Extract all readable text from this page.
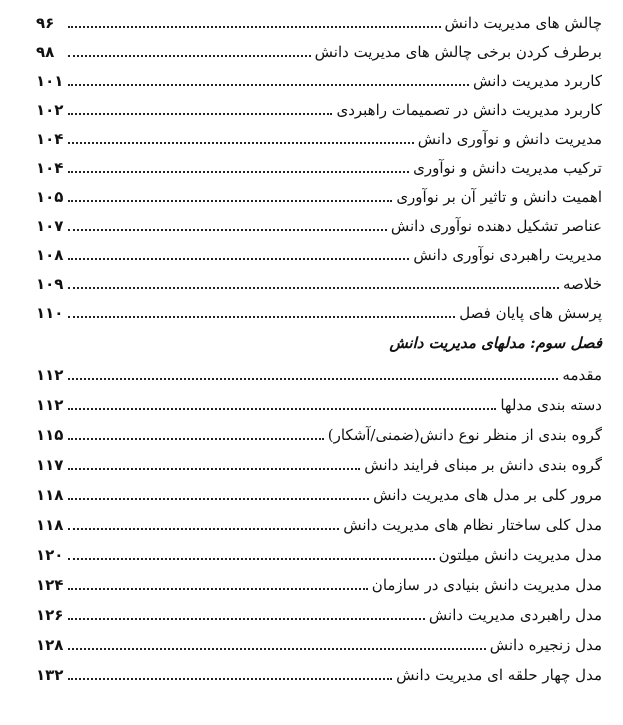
چالش های مدیریت دانش
۹۶
برطرف کردن برخی چالش های مدیریت دانش
۹۸
کاربرد مدیریت دانش
۱۰۱
کاربرد مدیریت دانش در تصمیمات راهبردی
۱۰۲
مدیریت دانش و نوآوری دانش
۱۰۴
ترکیب مدیریت دانش و نوآوری
۱۰۴
اهمیت دانش و تاثیر آن بر نوآوری
۱۰۵
عناصر تشکیل دهنده نوآوری دانش
۱۰۷
مدیریت راهبردی نوآوری دانش
۱۰۸
خلاصه
۱۰۹
پرسش های پایان فصل
۱۱۰
فصل سوم: مدلهای مدیریت دانش
مقدمه
۱۱۲
دسته بندی مدلها
۱۱۲
گروه بندی از منظر نوع دانش(ضمنی/آشکار)
۱۱۵
گروه بندی دانش بر مبنای فرایند دانش
۱۱۷
مرور کلی بر مدل های مدیریت دانش
۱۱۸
مدل کلی ساختار نظام های مدیریت دانش
۱۱۸
مدل مدیریت دانش میلتون
۱۲۰
مدل مدیریت دانش بنیادی در سازمان
۱۲۴
مدل راهبردی مدیریت دانش
۱۲۶
مدل زنجیره دانش
۱۲۸
مدل چهار حلقه ای مدیریت دانش
۱۳۲
